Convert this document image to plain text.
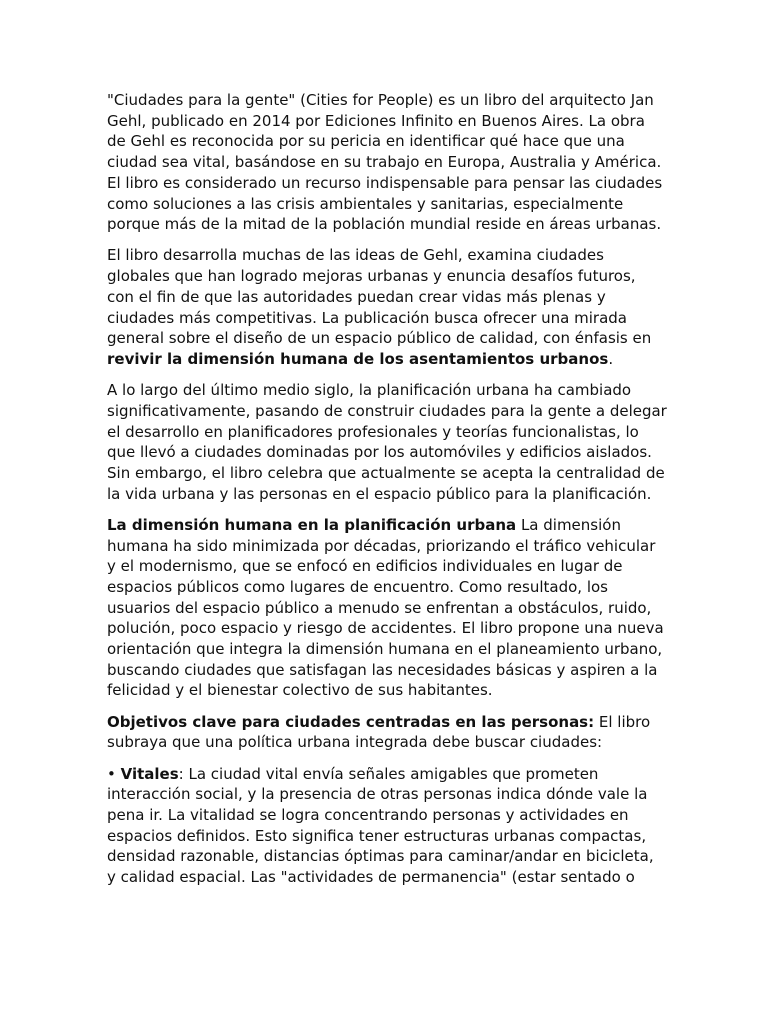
"Ciudades para la gente" (Cities for People) es un libro del arquitecto Jan Gehl, publicado en 2014 por Ediciones Infinito en Buenos Aires. La obra de Gehl es reconocida por su pericia en identificar qué hace que una ciudad sea vital, basándose en su trabajo en Europa, Australia y América. El libro es considerado un recurso indispensable para pensar las ciudades como soluciones a las crisis ambientales y sanitarias, especialmente porque más de la mitad de la población mundial reside en áreas urbanas.

El libro desarrolla muchas de las ideas de Gehl, examina ciudades globales que han logrado mejoras urbanas y enuncia desafíos futuros, con el fin de que las autoridades puedan crear vidas más plenas y ciudades más competitivas. La publicación busca ofrecer una mirada general sobre el diseño de un espacio público de calidad, con énfasis en revivir la dimensión humana de los asentamientos urbanos.

A lo largo del último medio siglo, la planificación urbana ha cambiado significativamente, pasando de construir ciudades para la gente a delegar el desarrollo en planificadores profesionales y teorías funcionalistas, lo que llevó a ciudades dominadas por los automóviles y edificios aislados. Sin embargo, el libro celebra que actualmente se acepta la centralidad de la vida urbana y las personas en el espacio público para la planificación.

La dimensión humana en la planificación urbana La dimensión humana ha sido minimizada por décadas, priorizando el tráfico vehicular y el modernismo, que se enfocó en edificios individuales en lugar de espacios públicos como lugares de encuentro. Como resultado, los usuarios del espacio público a menudo se enfrentan a obstáculos, ruido, polución, poco espacio y riesgo de accidentes. El libro propone una nueva orientación que integra la dimensión humana en el planeamiento urbano, buscando ciudades que satisfagan las necesidades básicas y aspiren a la felicidad y el bienestar colectivo de sus habitantes.

Objetivos clave para ciudades centradas en las personas: El libro subraya que una política urbana integrada debe buscar ciudades:

• Vitales: La ciudad vital envía señales amigables que prometen interacción social, y la presencia de otras personas indica dónde vale la pena ir. La vitalidad se logra concentrando personas y actividades en espacios definidos. Esto significa tener estructuras urbanas compactas, densidad razonable, distancias óptimas para caminar/andar en bicicleta, y calidad espacial. Las "actividades de permanencia" (estar sentado o
